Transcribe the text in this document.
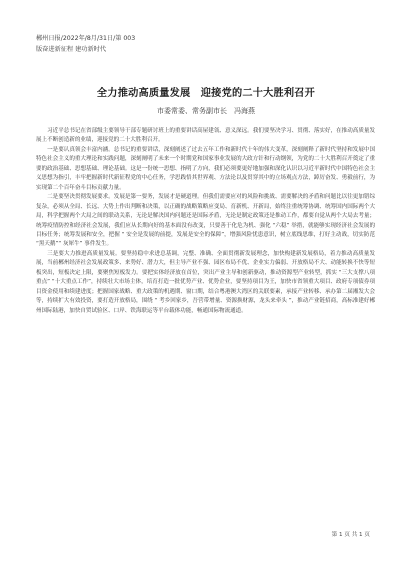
郴州日报/2022年/8月/31日/第 003
版奋进新征程 建功新时代
全力推动高质量发展　迎接党的二十大胜利召开
市委常委、常务副市长　冯海燕

习近平总书记在省部级主要领导干部专题研讨班上的重要讲话高屋建瓴、意义深远。我们要坚决学习、贯彻、落实好，在推动高质量发展上不断创造新的业绩，迎接党的二十大胜利召开。

一是要认真领会丰富内涵。总书记的重要讲话，深刻阐述了过去五年工作和新时代十年的伟大变革，深刻阐释了新时代坚持和发展中国特色社会主义的重大理论和实践问题，深刻阐明了未来一个时期党和国家事业发展的大政方针和行动纲领，为党的二十大胜利召开奠定了重要的政治基础、思想基础、理论基础。这是一份统一思想、指明了方向，我们必须要更好地加强和深化认识以习近平新时代中国特色社会主义思想为指引，丰牢把握新时代新征程党的中心任务，学思践悟其世界观、方法论以及贯穿其中的立场观点方法，踔厉奋发、勇毅前行，为实现第二个百年奋斗目标贡献力量。

二是要坚决贯彻发展要求。发展是第一要务，发展才是硬道理。但我们需要应对的风险和挑战、需要解决的矛盾和问题比以往更加错综复杂，必须从全局、长远、大势上作出判断和决策，以正确的战略策略应变局、育新机、开新局，始终注重统筹协调、统筹国内国际两个大局，科学把握两个大局之间的联动关系，无论是解决国内问题还是国际矛盾，无论是制定政策还是推动工作，都要自觉从两个大局去考量；统筹疫情防控和经济社会发展，我们应从长期向好的基本面没有改变，只要善于化危为机、强化 “六稳” 举措，就能够实现经济社会发展的目标任务；统筹发展和安全，把握 “ 安全是发展的前提，发展是安全的保障”，增强风险忧患意识，树立底线思维，打好主动战，切实防范 “黑天鹅”“ 灰犀牛” 事件发生。

三是要大力推进高质量发展。要坚持稳中求进总基调，完整、准确、全面贯彻新发展理念，加快构建新发展格局，着力推动高质量发展，当前郴州经济社会发展政策多、来势好、潜力大，但主导产业不强、园区布局不优、企业实力偏弱、开放格局不大、动能转换不快等短板突出，短板决定上限，要聚焦短板发力。要把实体经济放在首位，突出产业主导和创新驱动，推动资源型产业转型，抓实 “三大支撑八项重点” “十大重点工作”，持续壮大市场主体，培育打造一批优势产业、优势企业，要坚持项目为王，加快市省领重大项目、政府专项债券项目资金使用和续建进度；把握国家战略、重大政策的机遇期、窗口期，结合粤港澳大湾区的关联要素，承接产业转移、承办第二届湘发大会等，持续扩大有效投资，要打造开放格局，围绕 “ 考乡回家乡，吾营带增量、资源换财源，龙头来牵头 ”，推动产业链招商，高标准建好郴州国际陆港，加快自贸试验区、口岸、铁海联运等平台载体功能，畅通国际物流通道。

第 1 页 共 1 页
